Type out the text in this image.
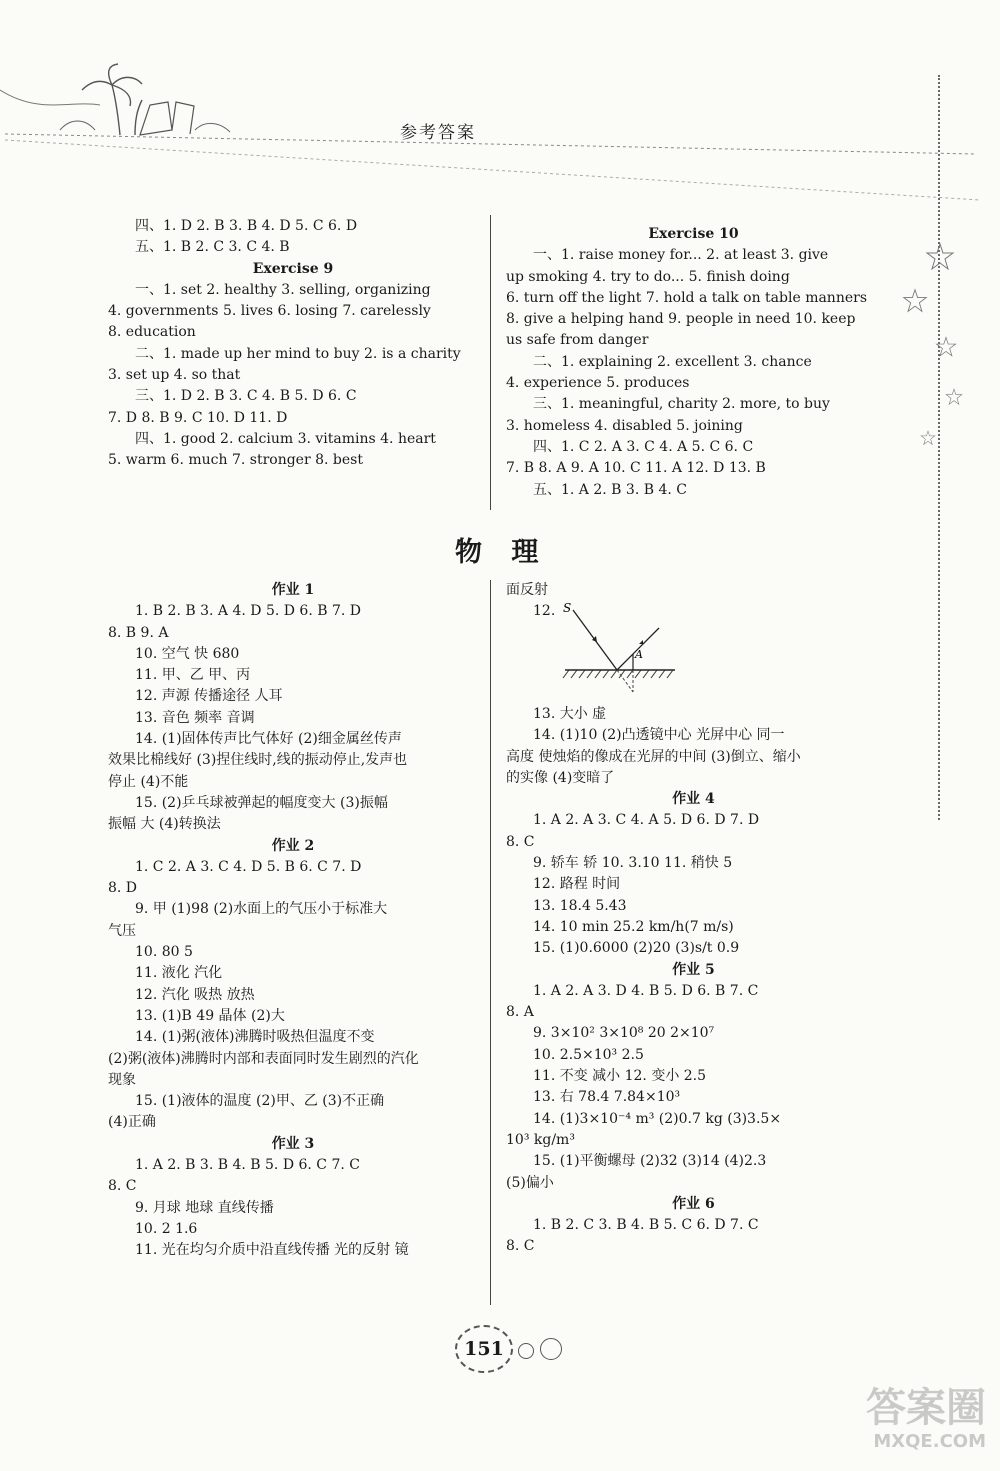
参考答案
四、1. D 2. B 3. B 4. D 5. C 6. D
五、1. B 2. C 3. C 4. B
Exercise 9
一、1. set 2. healthy 3. selling, organizing
4. governments 5. lives 6. losing 7. carelessly
8. education
二、1. made up her mind to buy 2. is a charity
3. set up 4. so that
三、1. D 2. B 3. C 4. B 5. D 6. C
7. D 8. B 9. C 10. D 11. D
四、1. good 2. calcium 3. vitamins 4. heart
5. warm 6. much 7. stronger 8. best
Exercise 10
一、1. raise money for... 2. at least 3. give
up smoking 4. try to do... 5. finish doing
6. turn off the light 7. hold a talk on table manners
8. give a helping hand 9. people in need 10. keep
us safe from danger
二、1. explaining 2. excellent 3. chance
4. experience 5. produces
三、1. meaningful, charity 2. more, to buy
3. homeless 4. disabled 5. joining
四、1. C 2. A 3. C 4. A 5. C 6. C
7. B 8. A 9. A 10. C 11. A 12. D 13. B
五、1. A 2. B 3. B 4. C
物 理
作业 1
1. B 2. B 3. A 4. D 5. D 6. B 7. D
8. B 9. A
10. 空气 快 680
11. 甲、乙 甲、丙
12. 声源 传播途径 人耳
13. 音色 频率 音调
14. (1)固体传声比气体好 (2)细金属丝传声
效果比棉线好 (3)捏住线时,线的振动停止,发声也
停止 (4)不能
15. (2)乒乓球被弹起的幅度变大 (3)振幅
振幅 大 (4)转换法
作业 2
1. C 2. A 3. C 4. D 5. B 6. C 7. D
8. D
9. 甲 (1)98 (2)水面上的气压小于标准大
气压
10. 80 5
11. 液化 汽化
12. 汽化 吸热 放热
13. (1)B 49 晶体 (2)大
14. (1)粥(液体)沸腾时吸热但温度不变
(2)粥(液体)沸腾时内部和表面同时发生剧烈的汽化
现象
15. (1)液体的温度 (2)甲、乙 (3)不正确
(4)正确
作业 3
1. A 2. B 3. B 4. B 5. D 6. C 7. C
8. C
9. 月球 地球 直线传播
10. 2 1.6
11. 光在均匀介质中沿直线传播 光的反射 镜
面反射
12. S
A
13. 大小 虚
14. (1)10 (2)凸透镜中心 光屏中心 同一
高度 使烛焰的像成在光屏的中间 (3)倒立、缩小
的实像 (4)变暗了
作业 4
1. A 2. A 3. C 4. A 5. D 6. D 7. D
8. C
9. 轿车 轿 10. 3.10 11. 稍快 5
12. 路程 时间
13. 18.4 5.43
14. 10 min 25.2 km/h(7 m/s)
15. (1)0.6000 (2)20 (3)s/t 0.9
作业 5
1. A 2. A 3. D 4. B 5. D 6. B 7. C
8. A
9. 3×10² 3×10⁸ 20 2×10⁷
10. 2.5×10³ 2.5
11. 不变 减小 12. 变小 2.5
13. 右 78.4 7.84×10³
14. (1)3×10⁻⁴ m³ (2)0.7 kg (3)3.5×
10³ kg/m³
15. (1)平衡螺母 (2)32 (3)14 (4)2.3
(5)偏小
作业 6
1. B 2. C 3. B 4. B 5. C 6. D 7. C
8. C
151
答案圈
MXQE.COM
